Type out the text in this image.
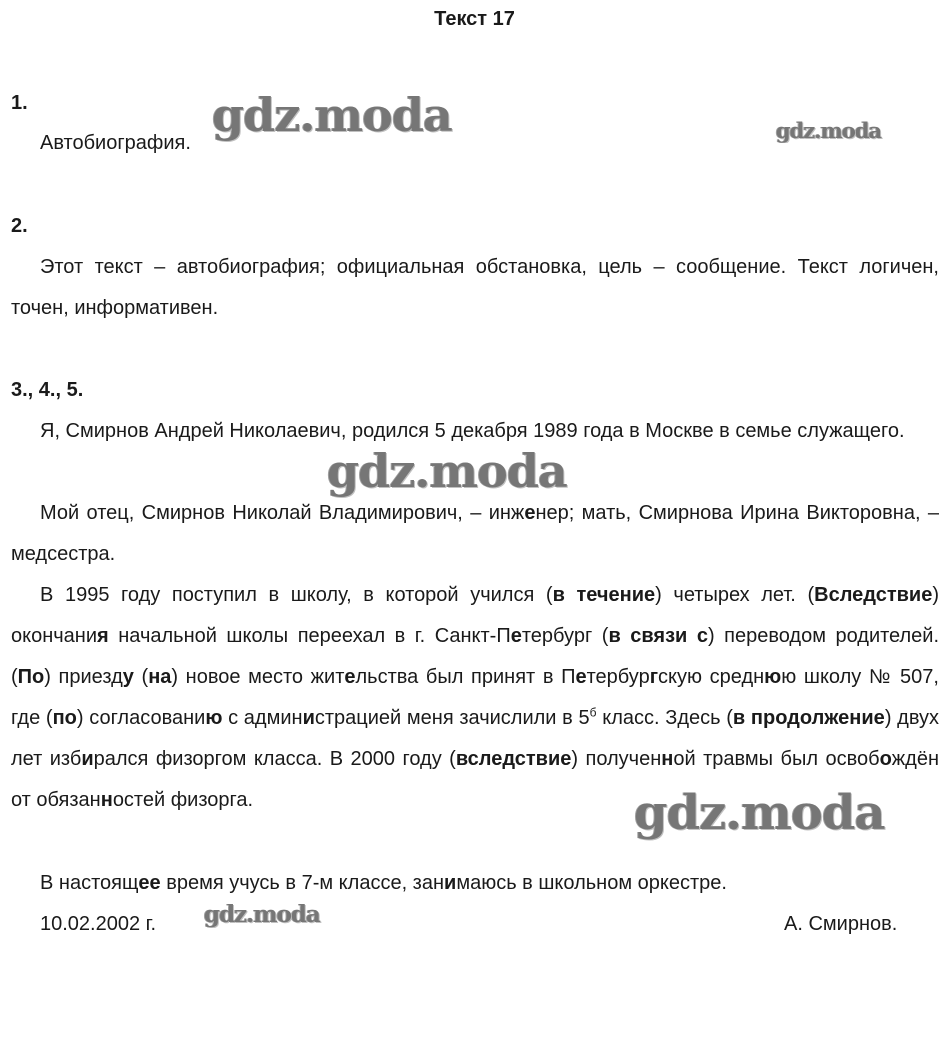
Текст 17
1.

Автобиография.

2.

Этот текст – автобиография; официальная обстановка, цель – сообщение. Текст логичен, точен, информативен.

3., 4., 5.

Я, Смирнов Андрей Николаевич, родился 5 декабря 1989 года в Москве в семье служащего.

Мой отец, Смирнов Николай Владимирович, – инженер; мать, Смирнова Ирина Викторовна, – медсестра.

В 1995 году поступил в школу, в которой учился (в течение) четырех лет. (Вследствие) окончания начальной школы переехал в г. Санкт-Петербург (в связи с) переводом родителей. (По) приезду (на) новое место жительства был принят в Петербургскую среднюю школу № 507, где (по) согласованию с администрацией меня зачислили в $5^б$ класс. Здесь (в продолжение) двух лет избирался физоргом класса. В 2000 году (вследствие) полученной травмы был освобождён от обязанностей физорга.

В настоящее время учусь в 7-м классе, занимаюсь в школьном оркестре.

10.02.2002 г.	А. Смирнов.

gdz.moda	gdz.moda
gdz.moda
gdz.moda
gdz.moda
